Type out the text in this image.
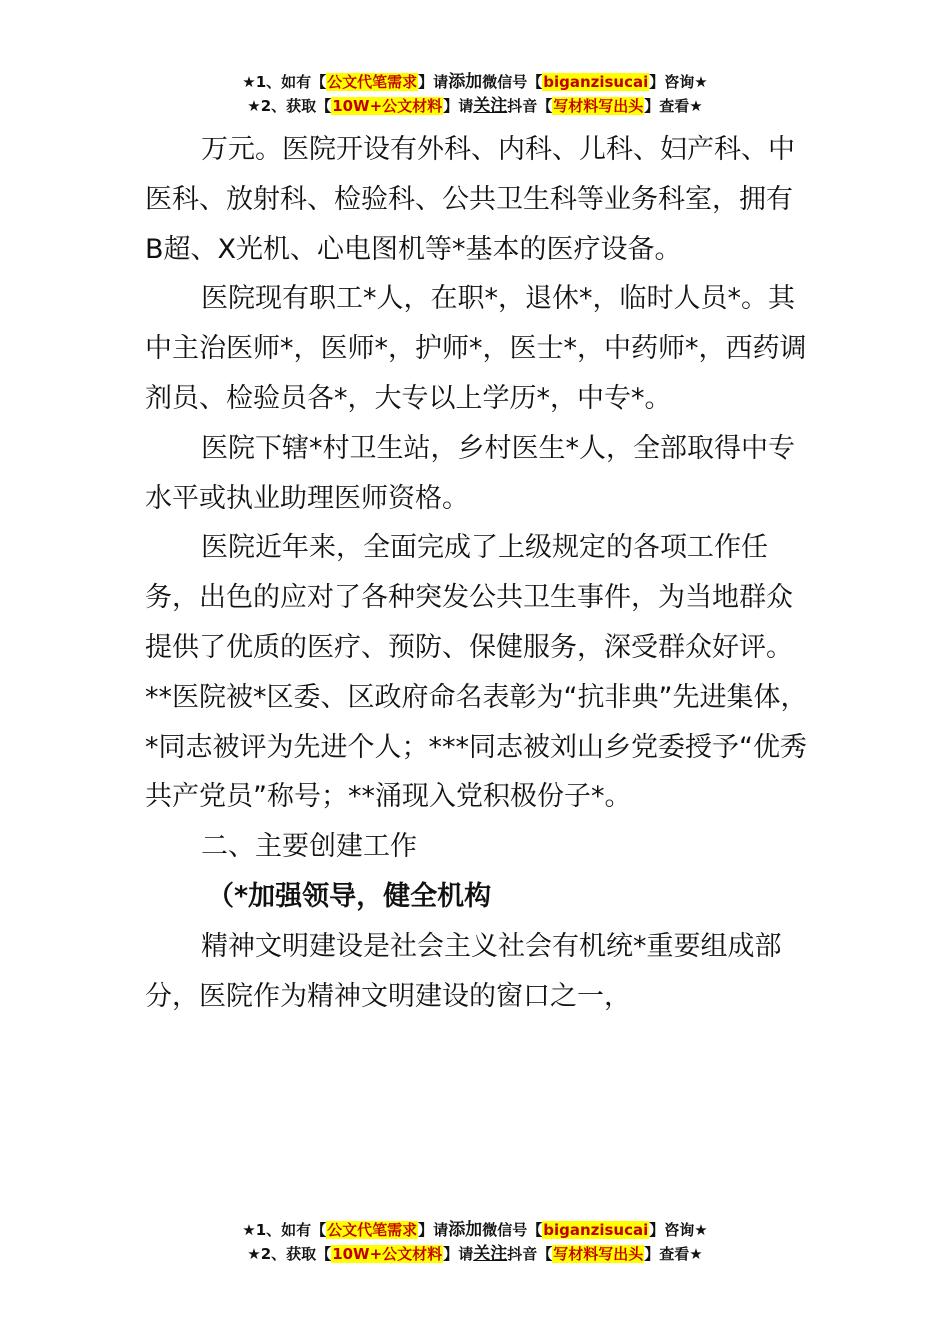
★1、如有【公文代笔需求】请添加微信号【biganzisucai】咨询★
★2、获取【10W+公文材料】请关注抖音【写材料写出头】查看★

万元。医院开设有外科、内科、儿科、妇产科、中医科、放射科、检验科、公共卫生科等业务科室，拥有B超、X光机、心电图机等*基本的医疗设备。

医院现有职工*人，在职*，退休*，临时人员*。其中主治医师*，医师*，护师*，医士*，中药师*，西药调剂员、检验员各*，大专以上学历*，中专*。

医院下辖*村卫生站，乡村医生*人，全部取得中专水平或执业助理医师资格。

医院近年来，全面完成了上级规定的各项工作任务，出色的应对了各种突发公共卫生事件，为当地群众提供了优质的医疗、预防、保健服务，深受群众好评。**医院被*区委、区政府命名表彰为“抗非典”先进集体，*同志被评为先进个人；***同志被刘山乡党委授予“优秀共产党员”称号；**涌现入党积极份子*。

二、主要创建工作

（*加强领导，健全机构

精神文明建设是社会主义社会有机统*重要组成部分，医院作为精神文明建设的窗口之一，

★1、如有【公文代笔需求】请添加微信号【biganzisucai】咨询★
★2、获取【10W+公文材料】请关注抖音【写材料写出头】查看★
